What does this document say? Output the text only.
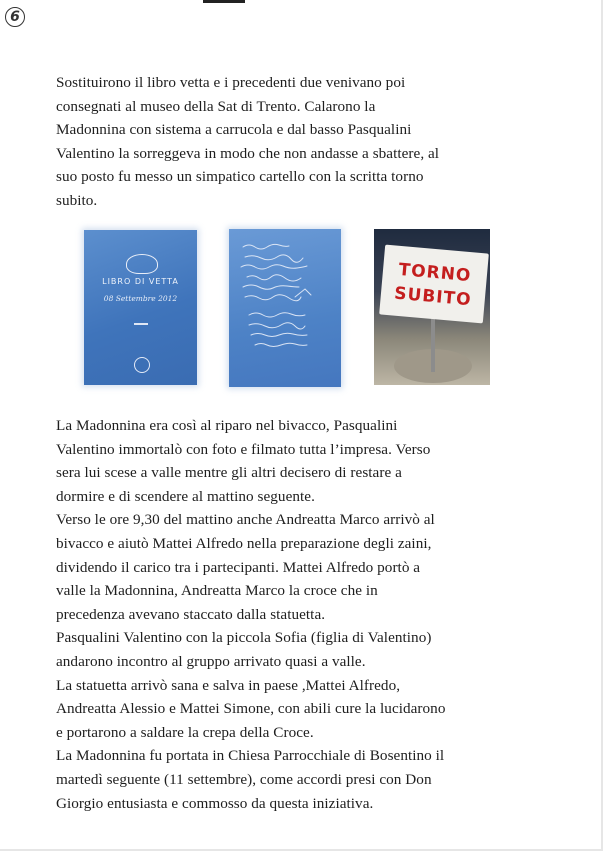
6

Sostituirono il libro vetta e i precedenti due venivano poi

consegnati al museo della Sat di Trento. Calarono la

Madonnina con sistema a carrucola e dal basso Pasqualini

Valentino la sorreggeva in modo che non andasse a sbattere, al

suo posto fu messo un simpatico cartello con la scritta torno

subito.

LIBRO DI VETTA
08 Settembre 2012
TORNO
SUBITO

La Madonnina era così al riparo nel bivacco, Pasqualini

Valentino immortalò con foto e filmato tutta l’impresa. Verso

sera lui scese a valle mentre gli altri decisero di restare a

dormire e di scendere al mattino seguente.

Verso le ore 9,30 del mattino anche Andreatta Marco arrivò al

bivacco e aiutò Mattei Alfredo nella preparazione degli zaini,

dividendo il carico tra i partecipanti. Mattei Alfredo portò a

valle la Madonnina, Andreatta Marco la croce che in

precedenza avevano staccato dalla statuetta.

Pasqualini Valentino con la piccola Sofia (figlia di Valentino)

andarono incontro al gruppo arrivato quasi a valle.

La statuetta arrivò sana e salva in paese ,Mattei Alfredo,

Andreatta Alessio e Mattei Simone, con abili cure la lucidarono

e portarono a saldare la crepa della Croce.

La Madonnina fu portata in Chiesa Parrocchiale di Bosentino il

martedì seguente (11 settembre), come accordi presi con Don

Giorgio entusiasta e commosso da questa iniziativa.
